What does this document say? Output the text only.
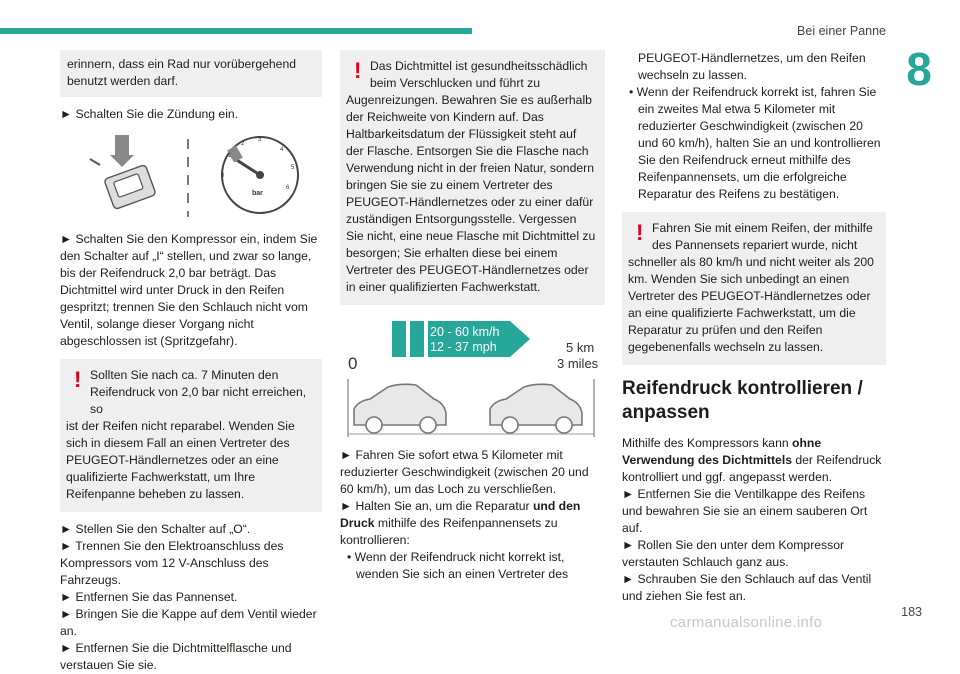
Bei einer Panne
8

erinnern, dass ein Rad nur vorübergehend benutzt werden darf.

► Schalten Sie die Zündung ein.

0
1
2
3
4
5
6
bar

► Schalten Sie den Kompressor ein, indem Sie den Schalter auf „I“ stellen, und zwar so lange, bis der Reifendruck 2,0 bar beträgt. Das Dichtmittel wird unter Druck in den Reifen gespritzt; trennen Sie den Schlauch nicht vom Ventil, solange dieser Vorgang nicht abgeschlossen ist (Spritzgefahr).

! Sollten Sie nach ca. 7 Minuten den Reifendruck von 2,0 bar nicht erreichen, so
ist der Reifen nicht reparabel. Wenden Sie sich in diesem Fall an einen Vertreter des PEUGEOT-Händlernetzes oder an eine qualifizierte Fachwerkstatt, um Ihre Reifenpanne beheben zu lassen.

► Stellen Sie den Schalter auf „O“.

► Trennen Sie den Elektroanschluss des Kompressors vom 12 V-Anschluss des Fahrzeugs.

► Entfernen Sie das Pannenset.

► Bringen Sie die Kappe auf dem Ventil wieder an.

► Entfernen Sie die Dichtmittelflasche und verstauen Sie sie.

! Das Dichtmittel ist gesundheitsschädlich beim Verschlucken und führt zu
Augenreizungen. Bewahren Sie es außerhalb der Reichweite von Kindern auf. Das Haltbarkeitsdatum der Flüssigkeit steht auf der Flasche. Entsorgen Sie die Flasche nach Verwendung nicht in der freien Natur, sondern bringen Sie sie zu einem Vertreter des PEUGEOT-Händlernetzes oder zu einer dafür zuständigen Entsorgungsstelle. Vergessen Sie nicht, eine neue Flasche mit Dichtmittel zu besorgen; Sie erhalten diese bei einem Vertreter des PEUGEOT-Händlernetzes oder in einer qualifizierten Fachwerkstatt.
20 - 60 km/h
12 - 37 mph
0
5 km
3 miles

► Fahren Sie sofort etwa 5 Kilometer mit reduzierter Geschwindigkeit (zwischen 20 und 60 km/h), um das Loch zu verschließen.

► Halten Sie an, um die Reparatur und den Druck mithilfe des Reifenpannensets zu kontrollieren:

• Wenn der Reifendruck nicht korrekt ist, wenden Sie sich an einen Vertreter des
PEUGEOT-Händlernetzes, um den Reifen wechseln zu lassen.
• Wenn der Reifendruck korrekt ist, fahren Sie ein zweites Mal etwa 5 Kilometer mit reduzierter Geschwindigkeit (zwischen 20 und 60 km/h), halten Sie an und kontrollieren Sie den Reifendruck erneut mithilfe des Reifenpannensets, um die erfolgreiche Reparatur des Reifens zu bestätigen.
! Fahren Sie mit einem Reifen, der mithilfe des Pannensets repariert wurde, nicht
schneller als 80 km/h und nicht weiter als 200 km. Wenden Sie sich unbedingt an einen Vertreter des PEUGEOT-Händlernetzes oder an eine qualifizierte Fachwerkstatt, um die Reparatur zu prüfen und den Reifen gegebenenfalls wechseln zu lassen.
Reifendruck kontrollieren / anpassen

Mithilfe des Kompressors kann ohne Verwendung des Dichtmittels der Reifendruck kontrolliert und ggf. angepasst werden.

► Entfernen Sie die Ventilkappe des Reifens und bewahren Sie sie an einem sauberen Ort auf.

► Rollen Sie den unter dem Kompressor verstauten Schlauch ganz aus.

► Schrauben Sie den Schlauch auf das Ventil und ziehen Sie fest an.

183
carmanualsonline.info
